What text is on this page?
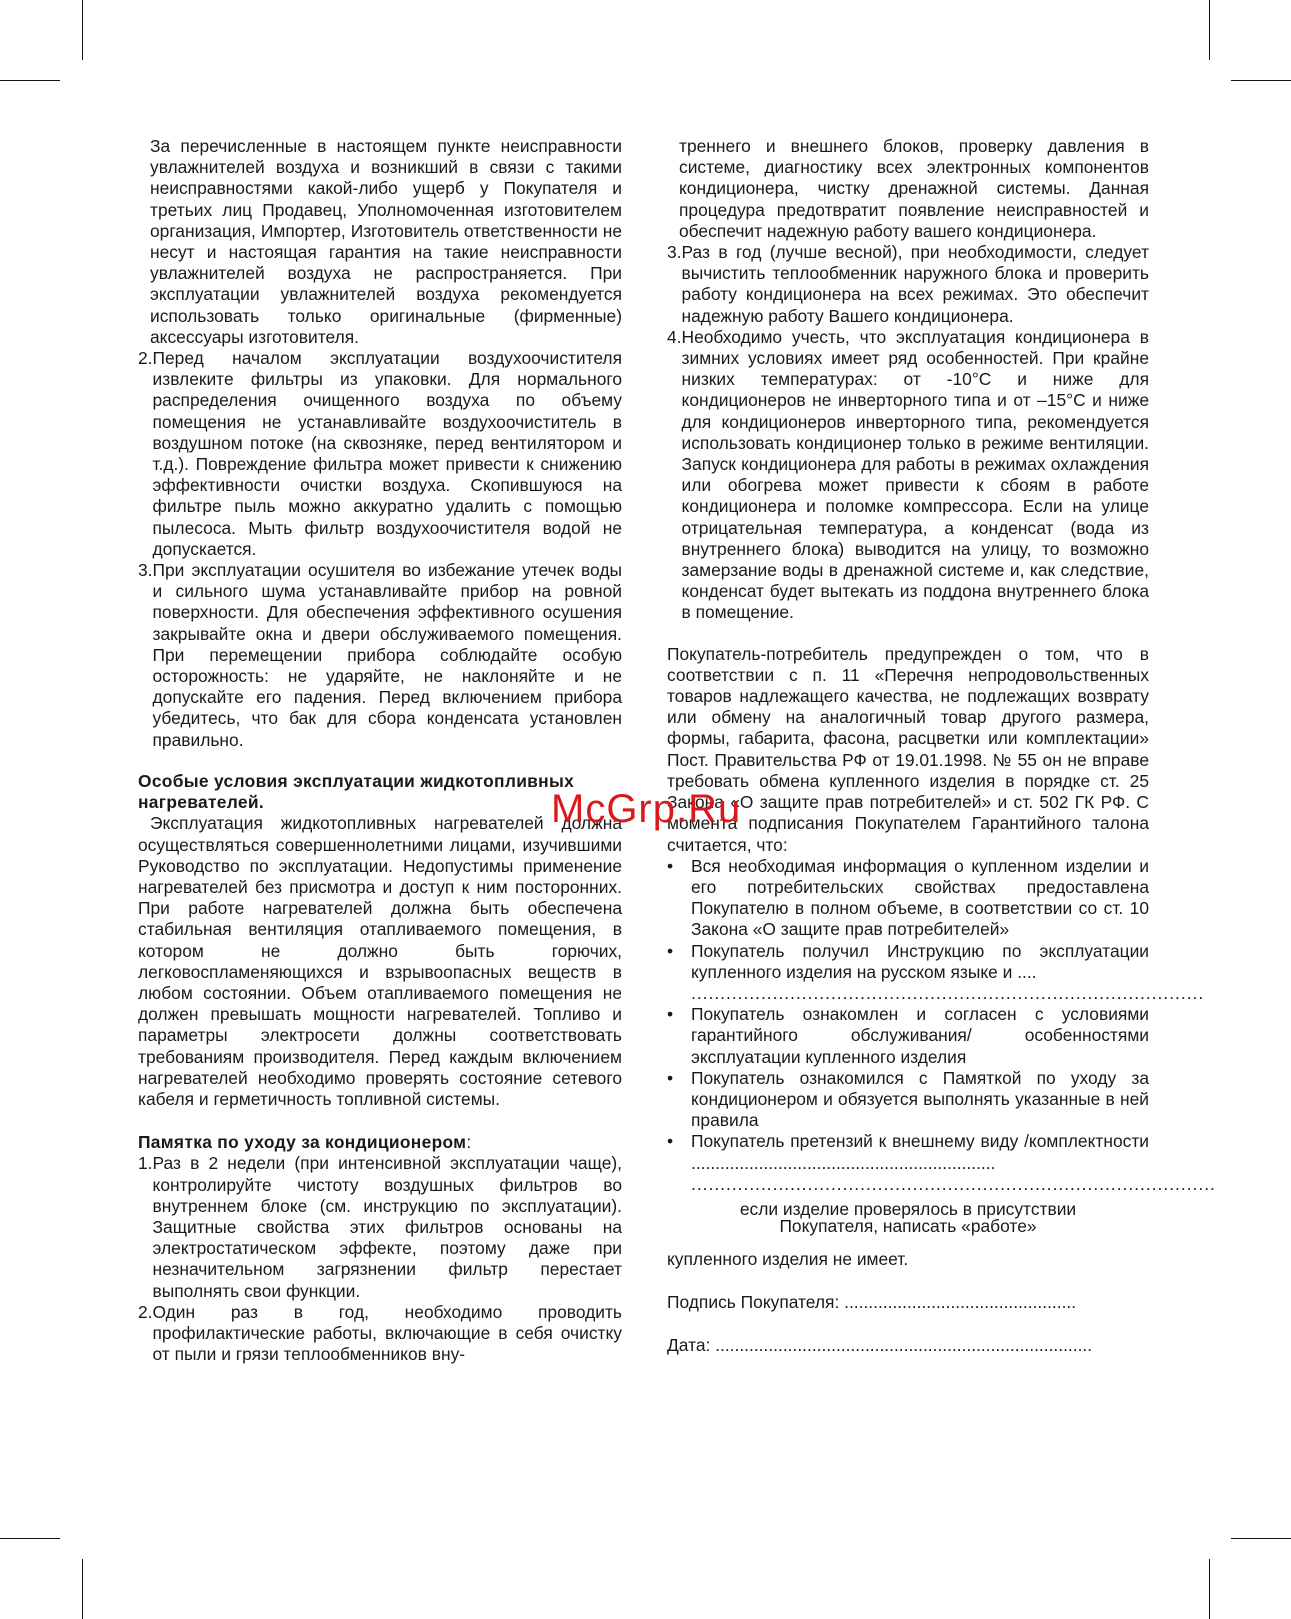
За перечисленные в настоящем пункте неисправности увлажнителей воздуха и возникший в связи с такими неисправностями какой-либо ущерб у Покупателя и третьих лиц Продавец, Уполномоченная изготовителем организация, Импортер, Изготовитель ответственности не несут и настоящая гарантия на такие неисправности увлажнителей воздуха не распространяется. При эксплуатации увлажнителей воздуха рекомендуется использовать только оригинальные (фирменные) аксессуары изготовителя.

2. Перед началом эксплуатации воздухоочистителя извлеките фильтры из упаковки. Для нормального распределения очищенного воздуха по объему помещения не устанавливайте воздухоочиститель в воздушном потоке (на сквозняке, перед вентилятором и т.д.). Повреждение фильтра может привести к снижению эффективности очистки воздуха. Скопившуюся на фильтре пыль можно аккуратно удалить с помощью пылесоса. Мыть фильтр воздухоочистителя водой не допускается.
3. При эксплуатации осушителя во избежание утечек воды и сильного шума устанавливайте прибор на ровной поверхности. Для обеспечения эффективного осушения закрывайте окна и двери обслуживаемого помещения. При перемещении прибора соблюдайте особую осторожность: не ударяйте, не наклоняйте и не допускайте его падения. Перед включением прибора убедитесь, что бак для сбора конденсата установлен правильно.

Особые условия эксплуатации жидкотопливных нагревателей.

Эксплуатация жидкотопливных нагревателей должна осуществляться совершеннолетними лицами, изучившими Руководство по эксплуатации. Недопустимы применение нагревателей без присмотра и доступ к ним посторонних. При работе нагревателей должна быть обеспечена стабильная вентиляция отапливаемого помещения, в котором не должно быть горючих, легковоспламеняющихся и взрывоопасных веществ в любом состоянии. Объем отапливаемого помещения не должен превышать мощности нагревателей. Топливо и параметры электросети должны соответствовать требованиям производителя. Перед каждым включением нагревателей необходимо проверять состояние сетевого кабеля и герметичность топливной системы.

Памятка по уходу за кондиционером:

1. Раз в 2 недели (при интенсивной эксплуатации чаще), контролируйте чистоту воздушных фильтров во внутреннем блоке (см. инструкцию по эксплуатации). Защитные свойства этих фильтров основаны на электростатическом эффекте, поэтому даже при незначительном загрязнении фильтр перестает выполнять свои функции.
2. Один раз в год, необходимо проводить профилактические работы, включающие в себя очистку от пыли и грязи теплообменников вну-

треннего и внешнего блоков, проверку давления в системе, диагностику всех электронных компонентов кондиционера, чистку дренажной системы. Данная процедура предотвратит появление неисправностей и обеспечит надежную работу вашего кондиционера.

3. Раз в год (лучше весной), при необходимости, следует вычистить теплообменник наружного блока и проверить работу кондиционера на всех режимах. Это обеспечит надежную работу Вашего кондиционера.
4. Необходимо учесть, что эксплуатация кондиционера в зимних условиях имеет ряд особенностей. При крайне низких температурах: от -10°С и ниже для кондиционеров не инверторного типа и от –15°С и ниже для кондиционеров инверторного типа, рекомендуется использовать кондиционер только в режиме вентиляции. Запуск кондиционера для работы в режимах охлаждения или обогрева может привести к сбоям в работе кондиционера и поломке компрессора. Если на улице отрицательная температура, а конденсат (вода из внутреннего блока) выводится на улицу, то возможно замерзание воды в дренажной системе и, как следствие, конденсат будет вытекать из поддона внутреннего блока в помещение.

Покупатель-потребитель предупрежден о том, что в соответствии с п. 11 «Перечня непродовольственных товаров надлежащего качества, не подлежащих возврату или обмену на аналогичный товар другого размера, формы, габарита, фасона, расцветки или комплектации» Пост. Правительства РФ от 19.01.1998. № 55 он не вправе требовать обмена купленного изделия в порядке ст. 25 Закона «О защите прав потребителей» и ст. 502 ГК РФ. С момента подписания Покупателем Гарантийного талона считается, что:

•	Вся необходимая информация о купленном изделии и его потребительских свойствах предоставлена Покупателю в полном объеме, в соответствии со ст. 10 Закона «О защите прав потребителей»
•	Покупатель получил Инструкцию по эксплуатации купленного изделия на русском языке и ....
........................................................................................
•	Покупатель ознакомлен и согласен с условиями гарантийного обслуживания/ особенностями эксплуатации купленного изделия
•	Покупатель ознакомился с Памяткой по уходу за кондиционером и обязуется выполнять указанные в ней правила
•	Покупатель претензий к внешнему виду /комплектности ...............................................................
..........................................................................................
если изделие проверялось в присутствии
Покупателя, написать «работе»

купленного изделия не имеет.

Подпись Покупателя: ................................................
Дата: ..............................................................................
McGrp.Ru
